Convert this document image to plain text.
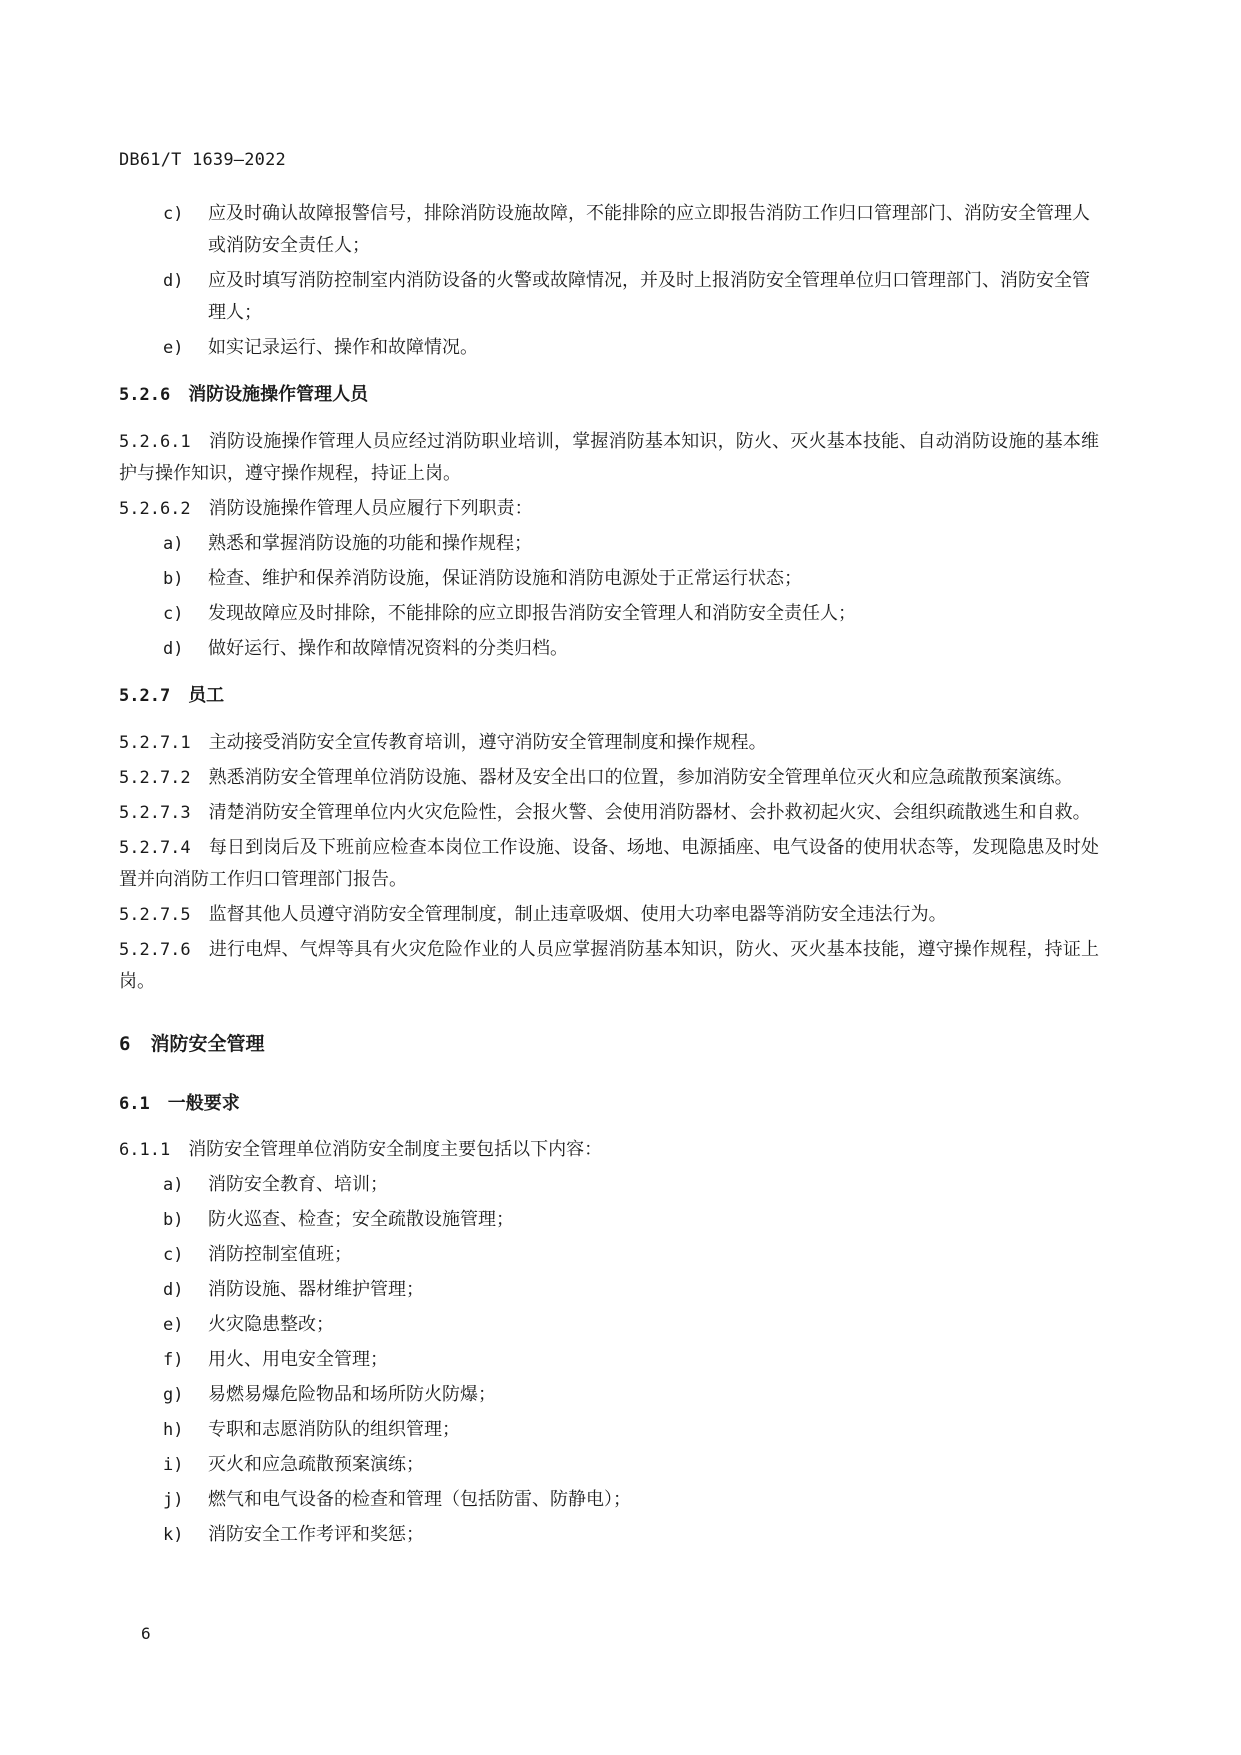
DB61/T 1639—2022
c) 应及时确认故障报警信号，排除消防设施故障，不能排除的应立即报告消防工作归口管理部门、消防安全管理人或消防安全责任人；
d) 应及时填写消防控制室内消防设备的火警或故障情况，并及时上报消防安全管理单位归口管理部门、消防安全管理人；
e) 如实记录运行、操作和故障情况。
5.2.6 消防设施操作管理人员
5.2.6.1 消防设施操作管理人员应经过消防职业培训，掌握消防基本知识，防火、灭火基本技能、自动消防设施的基本维护与操作知识，遵守操作规程，持证上岗。
5.2.6.2 消防设施操作管理人员应履行下列职责：
a) 熟悉和掌握消防设施的功能和操作规程；
b) 检查、维护和保养消防设施，保证消防设施和消防电源处于正常运行状态；
c) 发现故障应及时排除，不能排除的应立即报告消防安全管理人和消防安全责任人；
d) 做好运行、操作和故障情况资料的分类归档。
5.2.7 员工
5.2.7.1 主动接受消防安全宣传教育培训，遵守消防安全管理制度和操作规程。
5.2.7.2 熟悉消防安全管理单位消防设施、器材及安全出口的位置，参加消防安全管理单位灭火和应急疏散预案演练。
5.2.7.3 清楚消防安全管理单位内火灾危险性，会报火警、会使用消防器材、会扑救初起火灾、会组织疏散逃生和自救。
5.2.7.4 每日到岗后及下班前应检查本岗位工作设施、设备、场地、电源插座、电气设备的使用状态等，发现隐患及时处置并向消防工作归口管理部门报告。
5.2.7.5 监督其他人员遵守消防安全管理制度，制止违章吸烟、使用大功率电器等消防安全违法行为。
5.2.7.6 进行电焊、气焊等具有火灾危险作业的人员应掌握消防基本知识，防火、灭火基本技能，遵守操作规程，持证上岗。
6 消防安全管理
6.1 一般要求
6.1.1 消防安全管理单位消防安全制度主要包括以下内容：
a) 消防安全教育、培训；
b) 防火巡查、检查；安全疏散设施管理；
c) 消防控制室值班；
d) 消防设施、器材维护管理；
e) 火灾隐患整改；
f) 用火、用电安全管理；
g) 易燃易爆危险物品和场所防火防爆；
h) 专职和志愿消防队的组织管理；
i) 灭火和应急疏散预案演练；
j) 燃气和电气设备的检查和管理（包括防雷、防静电）；
k) 消防安全工作考评和奖惩；
6
